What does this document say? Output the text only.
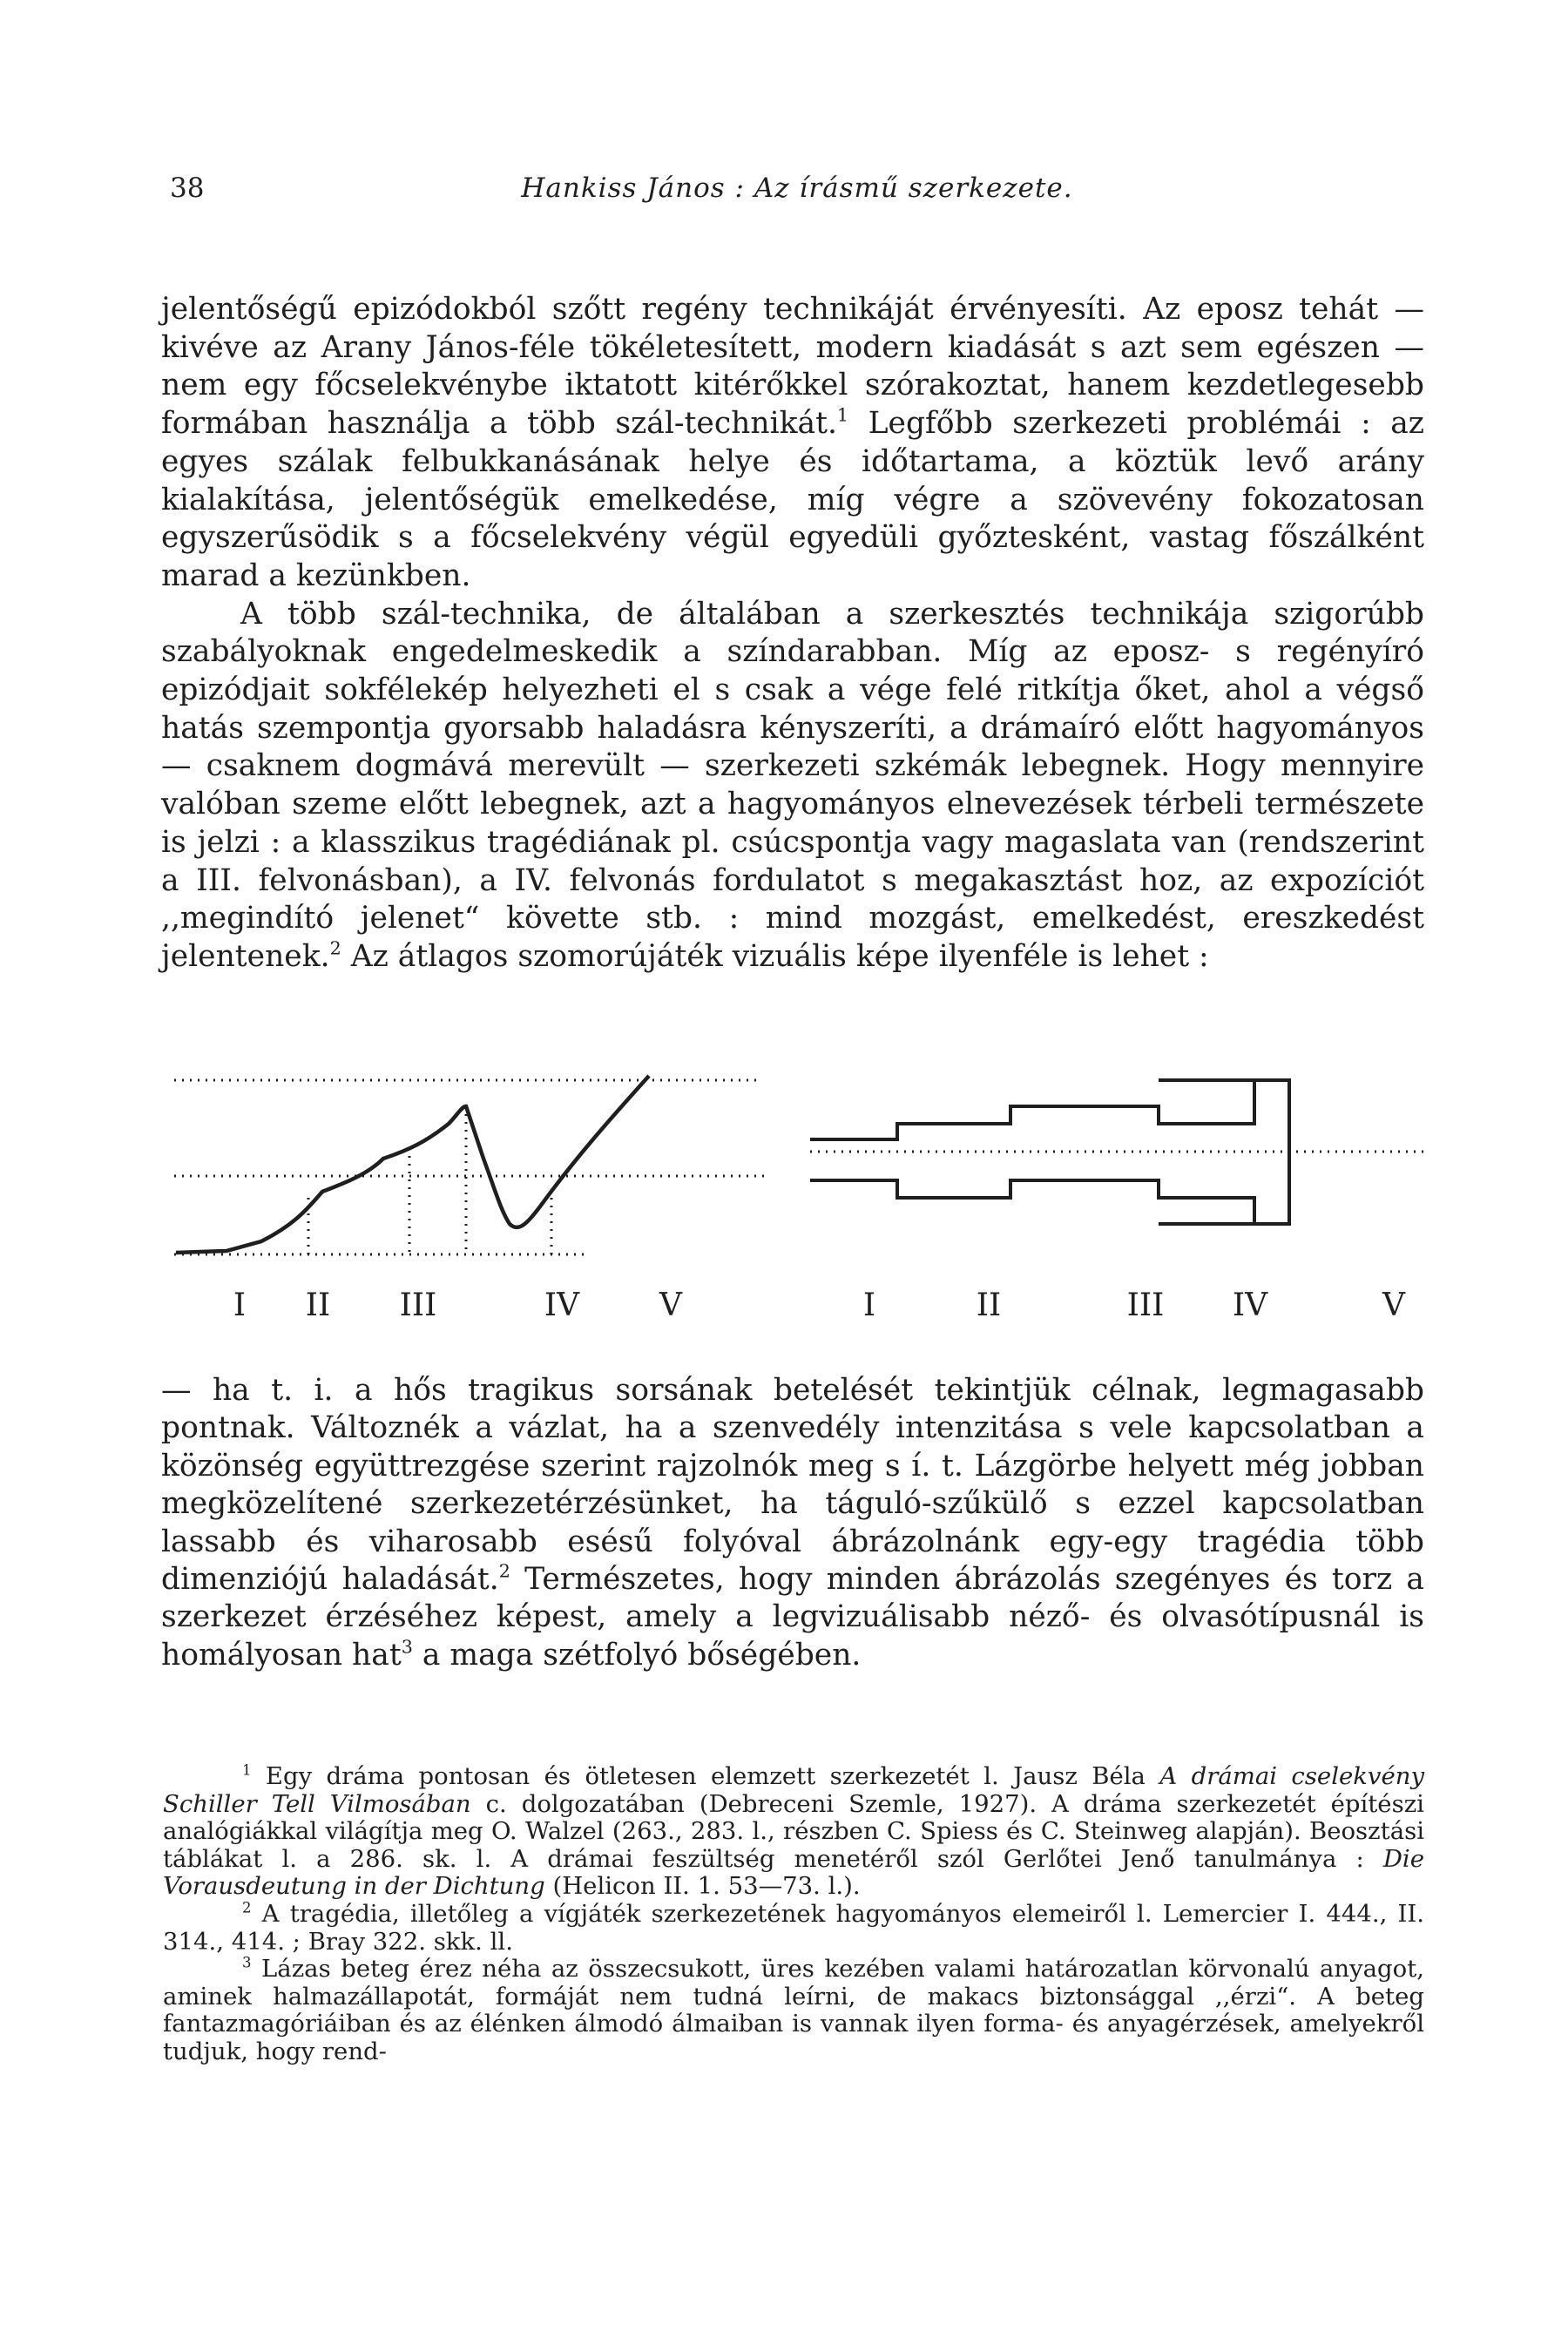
38	Hankiss János : Az írásmű szerkezete.

jelentőségű epizódokból szőtt regény technikáját érvényesíti. Az eposz tehát — kivéve az Arany János-féle tökéletesített, modern kiadását s azt sem egészen — nem egy főcselekvénybe iktatott kitérőkkel szórakoztat, hanem kezdetlegesebb formában használja a több szál-technikát.$^1$ Legfőbb szerkezeti problémái : az egyes szálak felbukkanásának helye és időtartama, a köztük levő arány kialakítása, jelentőségük emelkedése, míg végre a szövevény fokozatosan egyszerűsödik s a főcselekvény végül egyedüli győztesként, vastag főszálként marad a kezünkben.

A több szál-technika, de általában a szerkesztés technikája szigorúbb szabályoknak engedelmeskedik a színdarabban. Míg az eposz- s regényíró epizódjait sokfélekép helyezheti el s csak a vége felé ritkítja őket, ahol a végső hatás szempontja gyorsabb haladásra kényszeríti, a drámaíró előtt hagyományos — csaknem dogmává merevült — szerkezeti szkémák lebegnek. Hogy mennyire valóban szeme előtt lebegnek, azt a hagyományos elnevezések térbeli természete is jelzi : a klasszikus tragédiának pl. csúcspontja vagy magaslata van (rendszerint a III. felvonásban), a IV. felvonás fordulatot s megakasztást hoz, az expozíciót ,,megindító jelenet“ követte stb. : mind mozgást, emelkedést, ereszkedést jelentenek.$^2$ Az átlagos szomorújáték vizuális képe ilyenféle is lehet :

I II III	IV	V	I	II	III IV	V

— ha t. i. a hős tragikus sorsának betelését tekintjük célnak, legmagasabb pontnak. Változnék a vázlat, ha a szenvedély intenzitása s vele kapcsolatban a közönség együttrezgése szerint rajzolnók meg s í. t. Lázgörbe helyett még jobban megközelítené szerkezetérzésünket, ha táguló-szűkülő s ezzel kapcsolatban lassabb és viharosabb esésű folyóval ábrázolnánk egy-egy tragédia több dimenziójú haladását.$^2$ Természetes, hogy minden ábrázolás szegényes és torz a szerkezet érzéséhez képest, amely a legvizuálisabb néző- és olvasótípusnál is homályosan hat$^3$ a maga szétfolyó bőségében.

$^1$ Egy dráma pontosan és ötletesen elemzett szerkezetét l. Jausz Béla A drámai cselekvény Schiller Tell Vilmosában c. dolgozatában (Debreceni Szemle, 1927). A dráma szerkezetét építészi analógiákkal világítja meg O. Walzel (263., 283. l., részben C. Spiess és C. Steinweg alapján). Beosztási táblákat l. a 286. sk. l. A drámai feszültség menetéről szól Gerlőtei Jenő tanulmánya : Die Vorausdeutung in der Dichtung (Helicon II. 1. 53—73. l.).

$^2$ A tragédia, illetőleg a vígjáték szerkezetének hagyományos elemeiről l. Lemercier I. 444., II. 314., 414. ; Bray 322. skk. ll.

$^3$ Lázas beteg érez néha az összecsukott, üres kezében valami határozatlan körvonalú anyagot, aminek halmazállapotát, formáját nem tudná leírni, de makacs biztonsággal ,,érzi“. A beteg fantazmagóriáiban és az élénken álmodó álmaiban is vannak ilyen forma- és anyagérzések, amelyekről tudjuk, hogy rend-
